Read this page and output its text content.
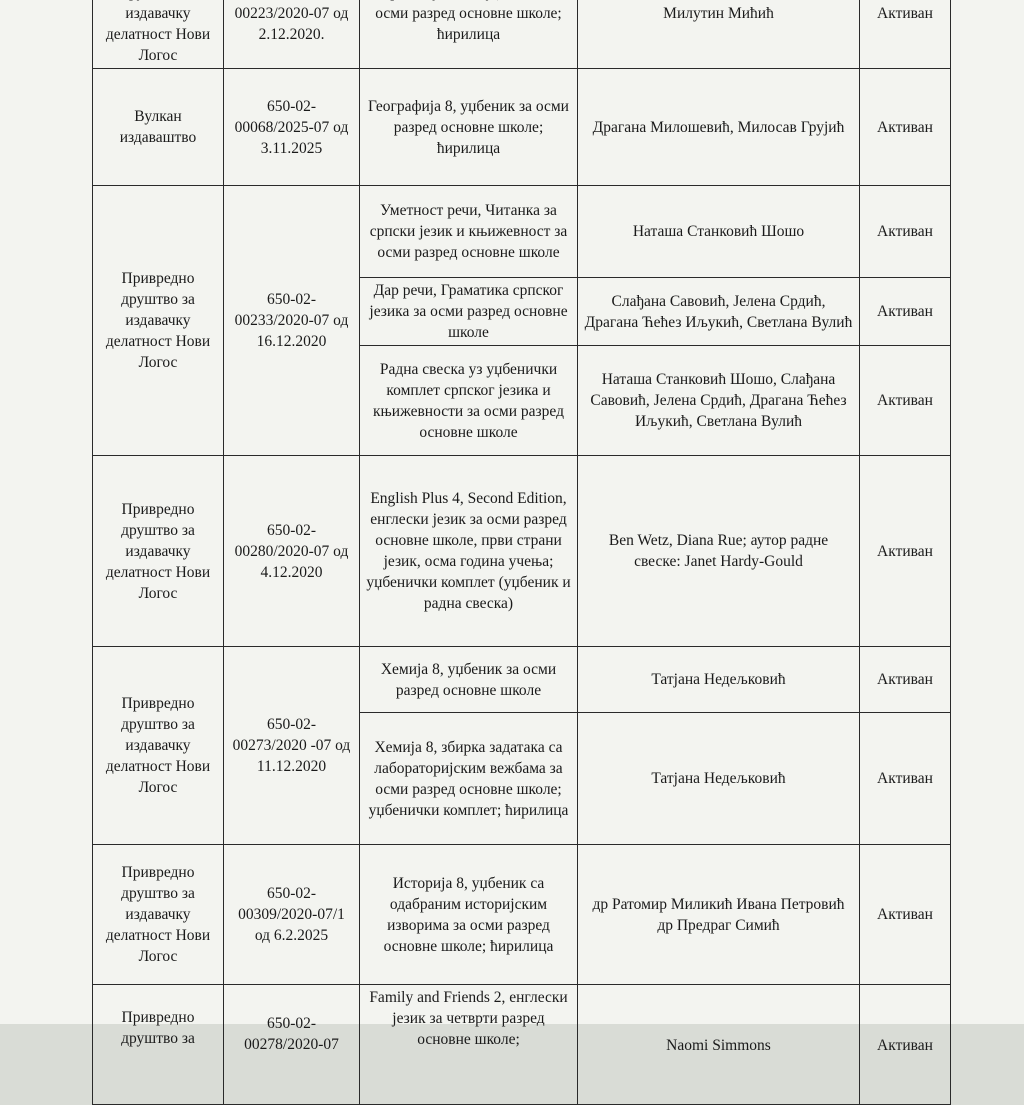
издавачку делатност Нови Логос	00223/2020-07 од 2.12.2020.	осми разред основне школе; ћирилица	Милутин Мићић	Активан
Вулкан издаваштво	650-02-00068/2025-07 од 3.11.2025	Географија 8, уџбеник за осми разред основне школе; ћирилица	Драгана Милошевић, Милосав Грујић	Активан
Привредно друштво за издавачку делатност Нови Логос	650-02-00233/2020-07 од 16.12.2020	Уметност речи, Читанка за српски језик и књижевност за осми разред основне школе	Наташа Станковић Шошо	Активан
		Дар речи, Граматика српског језика за осми разред основне школе	Слађана Савовић, Јелена Срдић, Драгана Ћећез Иљукић, Светлана Вулић	Активан
		Радна свеска уз уџбенички комплет српског језика и књижевности за осми разред основне школе	Наташа Станковић Шошо, Слађана Савовић, Јелена Срдић, Драгана Ћећез Иљукић, Светлана Вулић	Активан
Привредно друштво за издавачку делатност Нови Логос	650-02-00280/2020-07 од 4.12.2020	English Plus 4, Second Edition, енглески језик за осми разред основне школе, први страни језик, осма година учења; уџбенички комплет (уџбеник и радна свеска)	Ben Wetz, Diana Rue; аутор радне свеске: Janet Hardy-Gould	Активан
Привредно друштво за издавачку делатност Нови Логос	650-02-00273/2020 -07 од 11.12.2020	Хемија 8, уџбеник за осми разред основне школе	Татјана Недељковић	Активан
		Хемија 8, збирка задатака са лабораторијским вежбама за осми разред основне школе; уџбенички комплет; ћирилица	Татјана Недељковић	Активан
Привредно друштво за издавачку делатност Нови Логос	650-02-00309/2020-07/1 од 6.2.2025	Историја 8, уџбеник са одабраним историјским изворима за осми разред основне школе; ћирилица	др Ратомир Миликић Ивана Петровић др Предраг Симић	Активан
Привредно друштво за	650-02-00278/2020-07	Family and Friends 2, енглески језик за четврти разред основне школе;	Naomi Simmons	Активан
